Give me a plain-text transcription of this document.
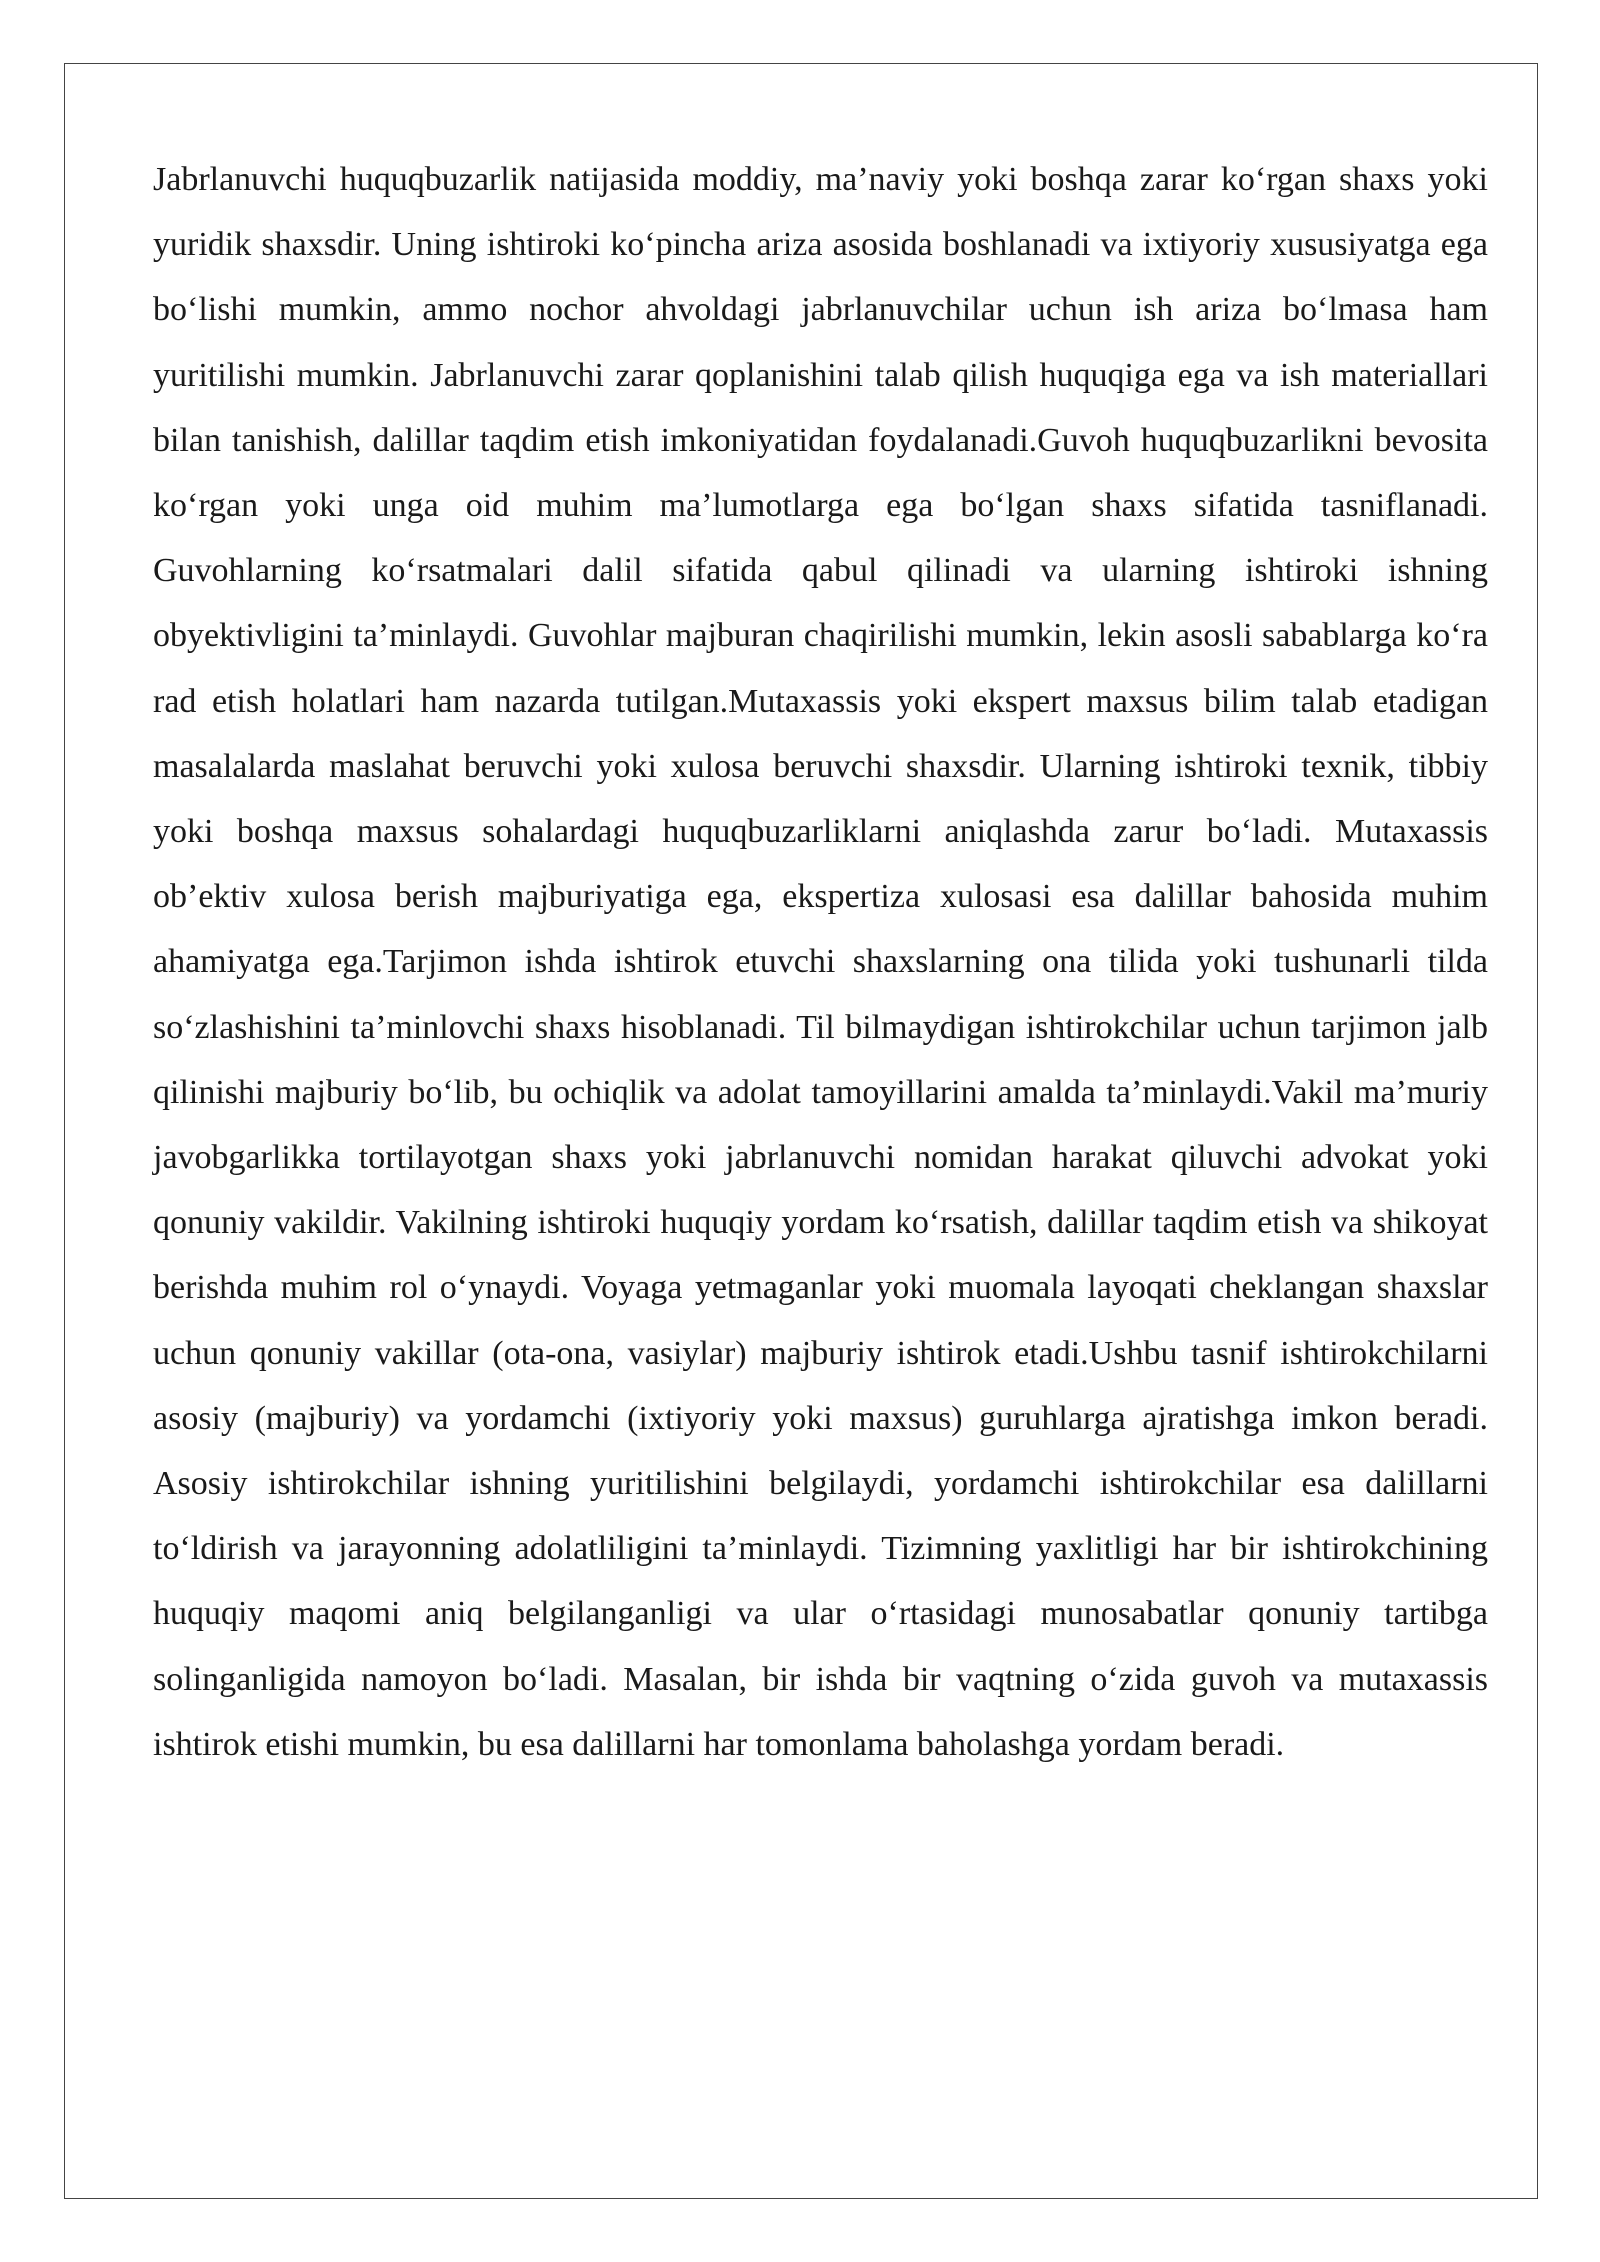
Jabrlanuvchi huquqbuzarlik natijasida moddiy, ma’naviy yoki boshqa zarar ko‘rgan shaxs yoki yuridik shaxsdir. Uning ishtiroki ko‘pincha ariza asosida boshlanadi va ixtiyoriy xususiyatga ega bo‘lishi mumkin, ammo nochor ahvoldagi jabrlanuvchilar uchun ish ariza bo‘lmasa ham yuritilishi mumkin. Jabrlanuvchi zarar qoplanishini talab qilish huquqiga ega va ish materiallari bilan tanishish, dalillar taqdim etish imkoniyatidan foydalanadi.Guvoh huquqbuzarlikni bevosita ko‘rgan yoki unga oid muhim ma’lumotlarga ega bo‘lgan shaxs sifatida tasniflanadi. Guvohlarning ko‘rsatmalari dalil sifatida qabul qilinadi va ularning ishtiroki ishning obyektivligini ta’minlaydi. Guvohlar majburan chaqirilishi mumkin, lekin asosli sabablarga ko‘ra rad etish holatlari ham nazarda tutilgan.Mutaxassis yoki ekspert maxsus bilim talab etadigan masalalarda maslahat beruvchi yoki xulosa beruvchi shaxsdir. Ularning ishtiroki texnik, tibbiy yoki boshqa maxsus sohalardagi huquqbuzarliklarni aniqlashda zarur bo‘ladi. Mutaxassis ob’ektiv xulosa berish majburiyatiga ega, ekspertiza xulosasi esa dalillar bahosida muhim ahamiyatga ega.Tarjimon ishda ishtirok etuvchi shaxslarning ona tilida yoki tushunarli tilda so‘zlashishini ta’minlovchi shaxs hisoblanadi. Til bilmaydigan ishtirokchilar uchun tarjimon jalb qilinishi majburiy bo‘lib, bu ochiqlik va adolat tamoyillarini amalda ta’minlaydi.Vakil ma’muriy javobgarlikka tortilayotgan shaxs yoki jabrlanuvchi nomidan harakat qiluvchi advokat yoki qonuniy vakildir. Vakilning ishtiroki huquqiy yordam ko‘rsatish, dalillar taqdim etish va shikoyat berishda muhim rol o‘ynaydi. Voyaga yetmaganlar yoki muomala layoqati cheklangan shaxslar uchun qonuniy vakillar (ota-ona, vasiylar) majburiy ishtirok etadi.Ushbu tasnif ishtirokchilarni asosiy (majburiy) va yordamchi (ixtiyoriy yoki maxsus) guruhlarga ajratishga imkon beradi. Asosiy ishtirokchilar ishning yuritilishini belgilaydi, yordamchi ishtirokchilar esa dalillarni to‘ldirish va jarayonning adolatliligini ta’minlaydi. Tizimning yaxlitligi har bir ishtirokchining huquqiy maqomi aniq belgilanganligi va ular o‘rtasidagi munosabatlar qonuniy tartibga solinganligida namoyon bo‘ladi. Masalan, bir ishda bir vaqtning o‘zida guvoh va mutaxassis ishtirok etishi mumkin, bu esa dalillarni har tomonlama baholashga yordam beradi.
